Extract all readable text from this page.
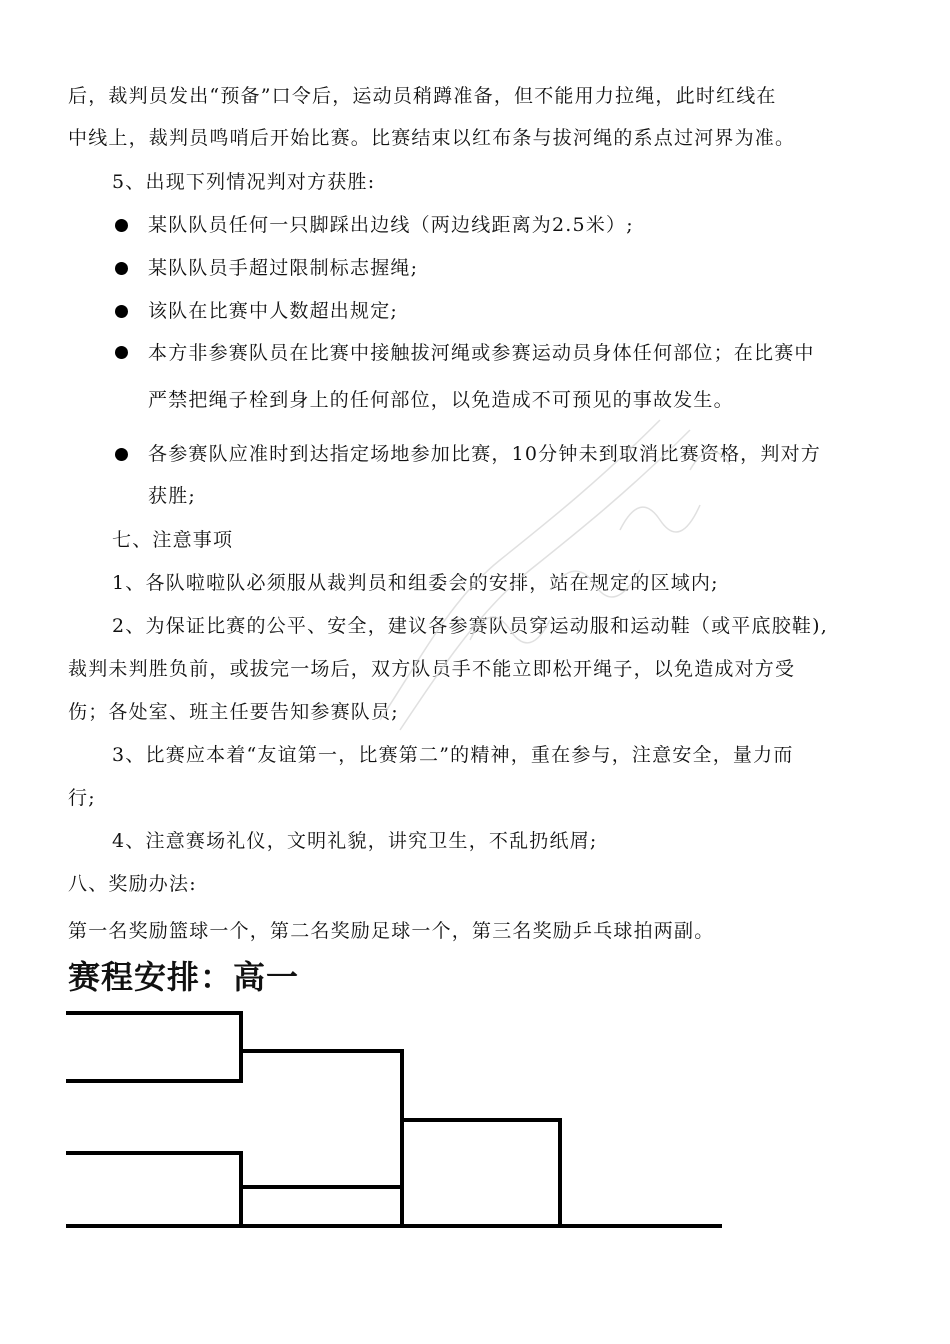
后，裁判员发出“预备”口令后，运动员稍蹲准备，但不能用力拉绳，此时红线在
中线上，裁判员鸣哨后开始比赛。比赛结束以红布条与拔河绳的系点过河界为准。
5、出现下列情况判对方获胜:
某队队员任何一只脚踩出边线（两边线距离为2.5米）;
某队队员手超过限制标志握绳;
该队在比赛中人数超出规定;
本方非参赛队员在比赛中接触拔河绳或参赛运动员身体任何部位；在比赛中
严禁把绳子栓到身上的任何部位，以免造成不可预见的事故发生。
各参赛队应准时到达指定场地参加比赛，10分钟未到取消比赛资格，判对方
获胜;
七、注意事项
1、各队啦啦队必须服从裁判员和组委会的安排，站在规定的区域内;
2、为保证比赛的公平、安全，建议各参赛队员穿运动服和运动鞋（或平底胶鞋),
裁判未判胜负前，或拔完一场后，双方队员手不能立即松开绳子，以免造成对方受
伤；各处室、班主任要告知参赛队员;
3、比赛应本着“友谊第一，比赛第二”的精神，重在参与，注意安全，量力而
行;
4、注意赛场礼仪，文明礼貌，讲究卫生，不乱扔纸屑;
八、奖励办法:
第一名奖励篮球一个，第二名奖励足球一个，第三名奖励乒乓球拍两副。
赛程安排：高一
